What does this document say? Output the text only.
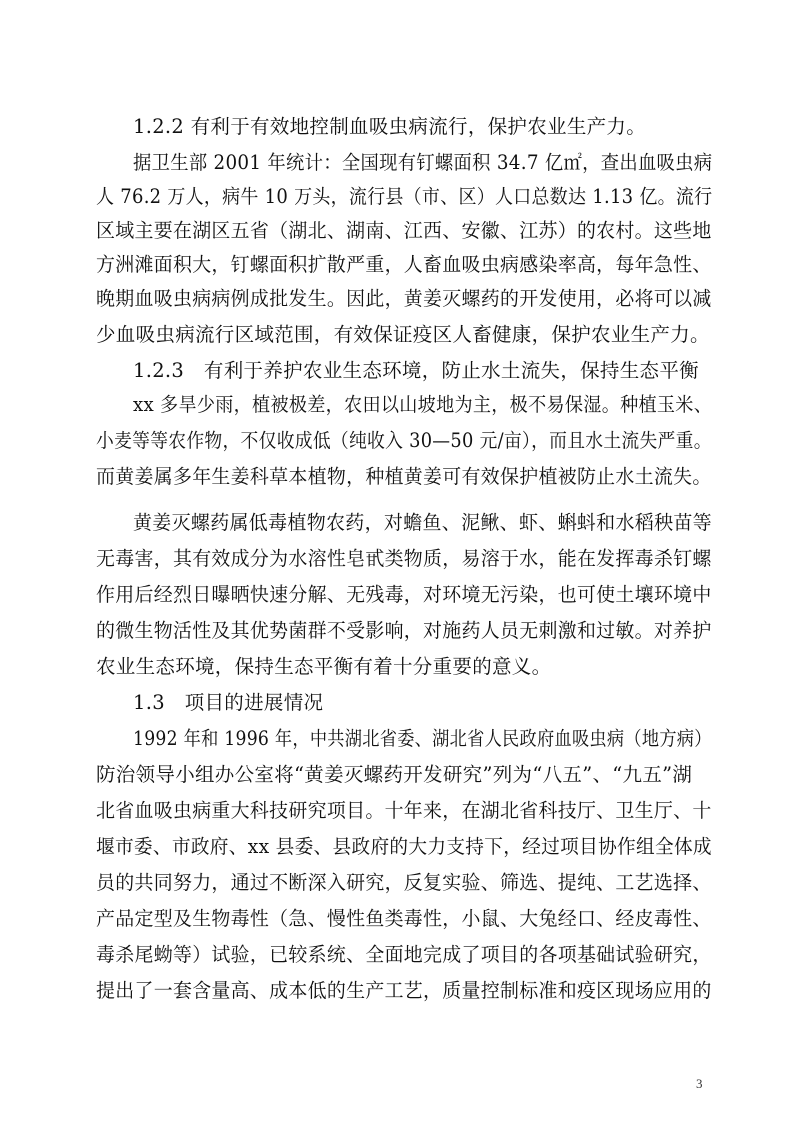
1.2.2 有利于有效地控制血吸虫病流行，保护农业生产力。
据卫生部 2001 年统计：全国现有钉螺面积 34.7 亿㎡，查出血吸虫病
人 76.2 万人，病牛 10 万头，流行县（市、区）人口总数达 1.13 亿。流行
区域主要在湖区五省（湖北、湖南、江西、安徽、江苏）的农村。这些地
方洲滩面积大，钉螺面积扩散严重，人畜血吸虫病感染率高，每年急性、
晚期血吸虫病病例成批发生。因此，黄姜灭螺药的开发使用，必将可以减
少血吸虫病流行区域范围，有效保证疫区人畜健康，保护农业生产力。
1.2.3　有利于养护农业生态环境，防止水土流失，保持生态平衡
xx 多旱少雨，植被极差，农田以山坡地为主，极不易保湿。种植玉米、
小麦等等农作物，不仅收成低（纯收入 30—50 元/亩），而且水土流失严重。
而黄姜属多年生姜科草本植物，种植黄姜可有效保护植被防止水土流失。
黄姜灭螺药属低毒植物农药，对蟾鱼、泥鳅、虾、蝌蚪和水稻秧苗等
无毒害，其有效成分为水溶性皂甙类物质，易溶于水，能在发挥毒杀钉螺
作用后经烈日曝晒快速分解、无残毒，对环境无污染，也可使土壤环境中
的微生物活性及其优势菌群不受影响，对施药人员无刺激和过敏。对养护
农业生态环境，保持生态平衡有着十分重要的意义。
1.3　项目的进展情况
1992 年和 1996 年，中共湖北省委、湖北省人民政府血吸虫病（地方病）
防治领导小组办公室将“黄姜灭螺药开发研究”列为“八五”、“九五”湖
北省血吸虫病重大科技研究项目。十年来，在湖北省科技厅、卫生厅、十
堰市委、市政府、xx 县委、县政府的大力支持下，经过项目协作组全体成
员的共同努力，通过不断深入研究，反复实验、筛选、提纯、工艺选择、
产品定型及生物毒性（急、慢性鱼类毒性，小鼠、大兔经口、经皮毒性、
毒杀尾蚴等）试验，已较系统、全面地完成了项目的各项基础试验研究，
提出了一套含量高、成本低的生产工艺，质量控制标准和疫区现场应用的
3
